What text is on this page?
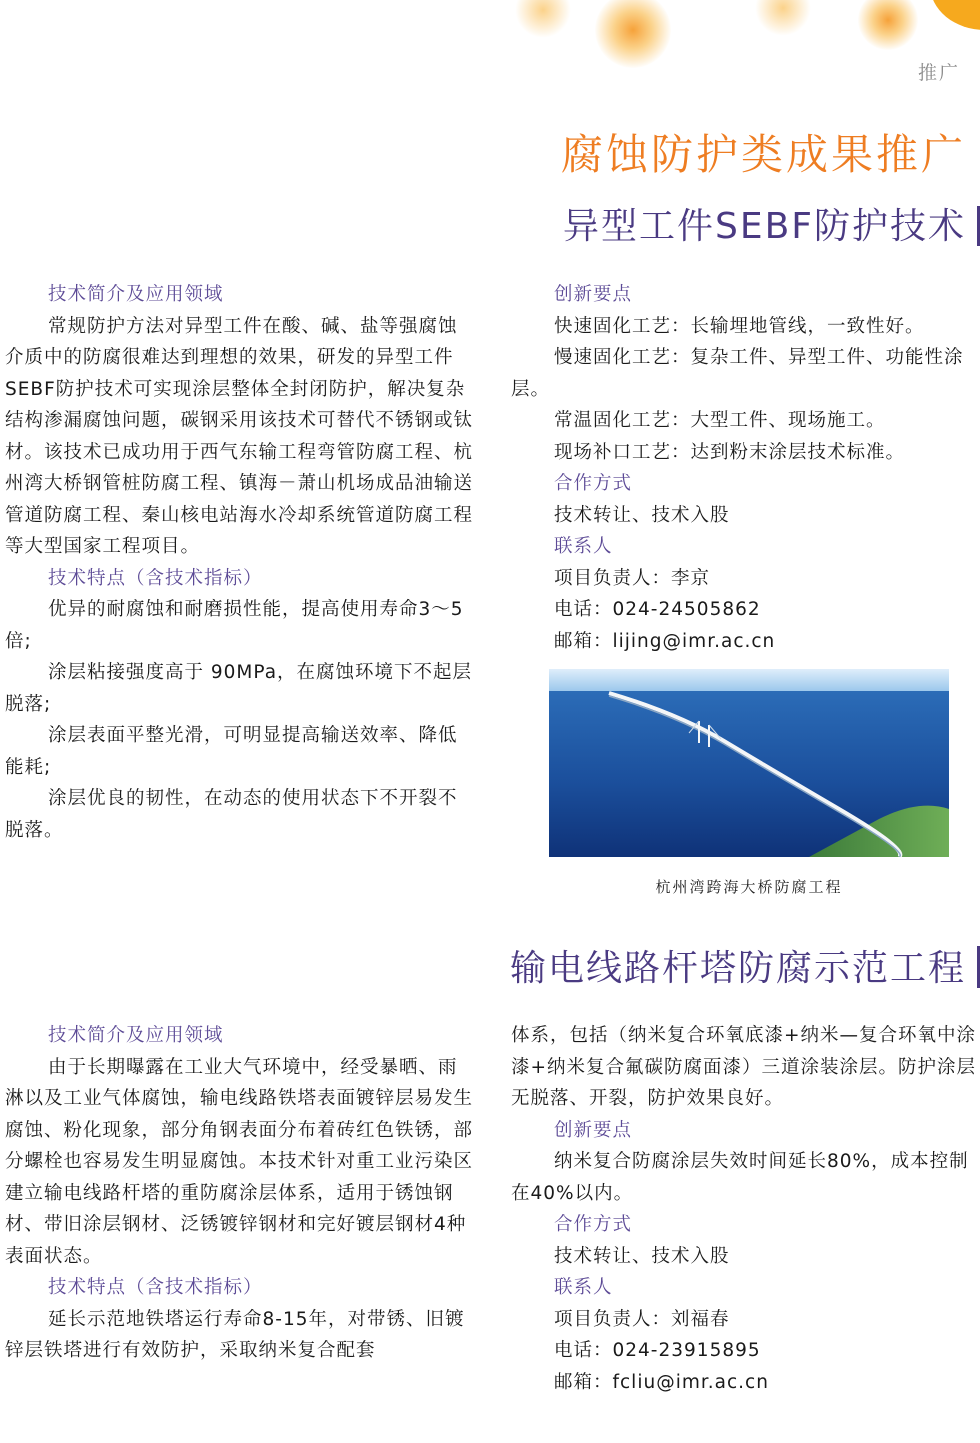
推广
腐蚀防护类成果推广
异型工件SEBF防护技术

技术简介及应用领域

常规防护方法对异型工件在酸、碱、盐等强腐蚀介质中的防腐很难达到理想的效果，研发的异型工件SEBF防护技术可实现涂层整体全封闭防护，解决复杂结构渗漏腐蚀问题，碳钢采用该技术可替代不锈钢或钛材。该技术已成功用于西气东输工程弯管防腐工程、杭州湾大桥钢管桩防腐工程、镇海－萧山机场成品油输送管道防腐工程、秦山核电站海水冷却系统管道防腐工程等大型国家工程项目。

技术特点（含技术指标）

优异的耐腐蚀和耐磨损性能，提高使用寿命3～5倍;

涂层粘接强度高于 90MPa，在腐蚀环境下不起层脱落;

涂层表面平整光滑，可明显提高输送效率、降低能耗;

涂层优良的韧性，在动态的使用状态下不开裂不脱落。

创新要点

快速固化工艺：长输埋地管线，一致性好。

慢速固化工艺：复杂工件、异型工件、功能性涂层。

常温固化工艺：大型工件、现场施工。

现场补口工艺：达到粉末涂层技术标准。

合作方式

技术转让、技术入股

联系人

项目负责人：李京

电话：024-24505862

邮箱：lijing@imr.ac.cn

杭州湾跨海大桥防腐工程
输电线路杆塔防腐示范工程

技术简介及应用领域

由于长期曝露在工业大气环境中，经受暴晒、雨淋以及工业气体腐蚀，输电线路铁塔表面镀锌层易发生腐蚀、粉化现象，部分角钢表面分布着砖红色铁锈，部分螺栓也容易发生明显腐蚀。本技术针对重工业污染区建立输电线路杆塔的重防腐涂层体系，适用于锈蚀钢材、带旧涂层钢材、泛锈镀锌钢材和完好镀层钢材4种表面状态。

技术特点（含技术指标）

延长示范地铁塔运行寿命8-15年，对带锈、旧镀锌层铁塔进行有效防护，采取纳米复合配套

体系，包括（纳米复合环氧底漆+纳米—复合环氧中涂漆+纳米复合氟碳防腐面漆）三道涂装涂层。防护涂层无脱落、开裂，防护效果良好。

创新要点

纳米复合防腐涂层失效时间延长80%，成本控制在40%以内。

合作方式

技术转让、技术入股

联系人

项目负责人：刘福春

电话：024-23915895

邮箱：fcliu@imr.ac.cn
